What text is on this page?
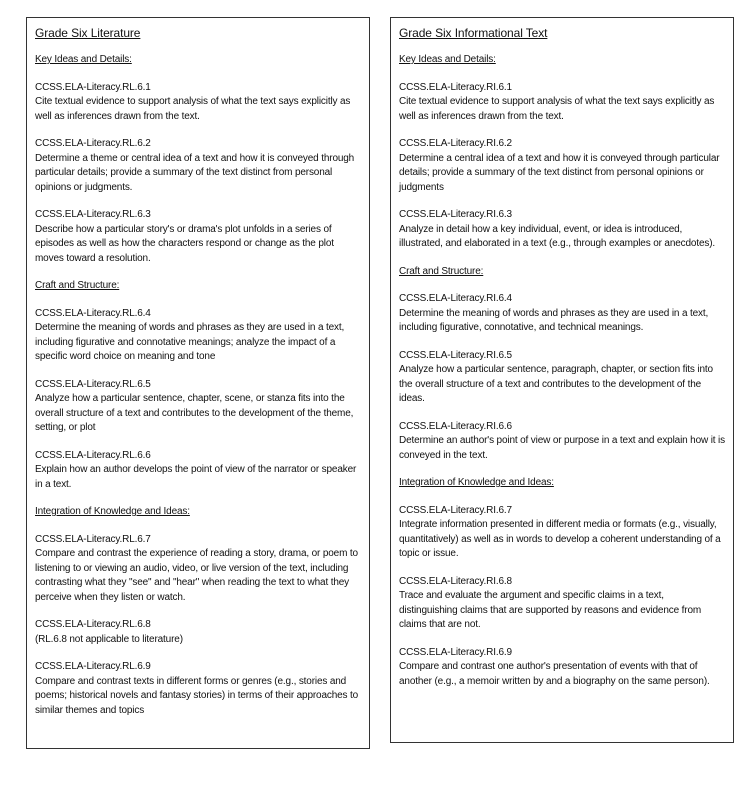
Grade Six Literature
Key Ideas and Details:
CCSS.ELA-Literacy.RL.6.1
Cite textual evidence to support analysis of what the text says explicitly as well as inferences drawn from the text.
CCSS.ELA-Literacy.RL.6.2
Determine a theme or central idea of a text and how it is conveyed through particular details; provide a summary of the text distinct from personal opinions or judgments.
CCSS.ELA-Literacy.RL.6.3
Describe how a particular story's or drama's plot unfolds in a series of episodes as well as how the characters respond or change as the plot moves toward a resolution.
Craft and Structure:
CCSS.ELA-Literacy.RL.6.4
Determine the meaning of words and phrases as they are used in a text, including figurative and connotative meanings; analyze the impact of a specific word choice on meaning and tone
CCSS.ELA-Literacy.RL.6.5
Analyze how a particular sentence, chapter, scene, or stanza fits into the overall structure of a text and contributes to the development of the theme, setting, or plot
CCSS.ELA-Literacy.RL.6.6
Explain how an author develops the point of view of the narrator or speaker in a text.
Integration of Knowledge and Ideas:
CCSS.ELA-Literacy.RL.6.7
Compare and contrast the experience of reading a story, drama, or poem to listening to or viewing an audio, video, or live version of the text, including contrasting what they "see" and "hear" when reading the text to what they perceive when they listen or watch.
CCSS.ELA-Literacy.RL.6.8
(RL.6.8 not applicable to literature)
CCSS.ELA-Literacy.RL.6.9
Compare and contrast texts in different forms or genres (e.g., stories and poems; historical novels and fantasy stories) in terms of their approaches to similar themes and topics
Grade Six Informational Text
Key Ideas and Details:
CCSS.ELA-Literacy.RI.6.1
Cite textual evidence to support analysis of what the text says explicitly as well as inferences drawn from the text.
CCSS.ELA-Literacy.RI.6.2
Determine a central idea of a text and how it is conveyed through particular details; provide a summary of the text distinct from personal opinions or judgments
CCSS.ELA-Literacy.RI.6.3
Analyze in detail how a key individual, event, or idea is introduced, illustrated, and elaborated in a text (e.g., through examples or anecdotes).
Craft and Structure:
CCSS.ELA-Literacy.RI.6.4
Determine the meaning of words and phrases as they are used in a text, including figurative, connotative, and technical meanings.
CCSS.ELA-Literacy.RI.6.5
Analyze how a particular sentence, paragraph, chapter, or section fits into the overall structure of a text and contributes to the development of the ideas.
CCSS.ELA-Literacy.RI.6.6
Determine an author's point of view or purpose in a text and explain how it is conveyed in the text.
Integration of Knowledge and Ideas:
CCSS.ELA-Literacy.RI.6.7
Integrate information presented in different media or formats (e.g., visually, quantitatively) as well as in words to develop a coherent understanding of a topic or issue.
CCSS.ELA-Literacy.RI.6.8
Trace and evaluate the argument and specific claims in a text, distinguishing claims that are supported by reasons and evidence from claims that are not.
CCSS.ELA-Literacy.RI.6.9
Compare and contrast one author's presentation of events with that of another (e.g., a memoir written by and a biography on the same person).
